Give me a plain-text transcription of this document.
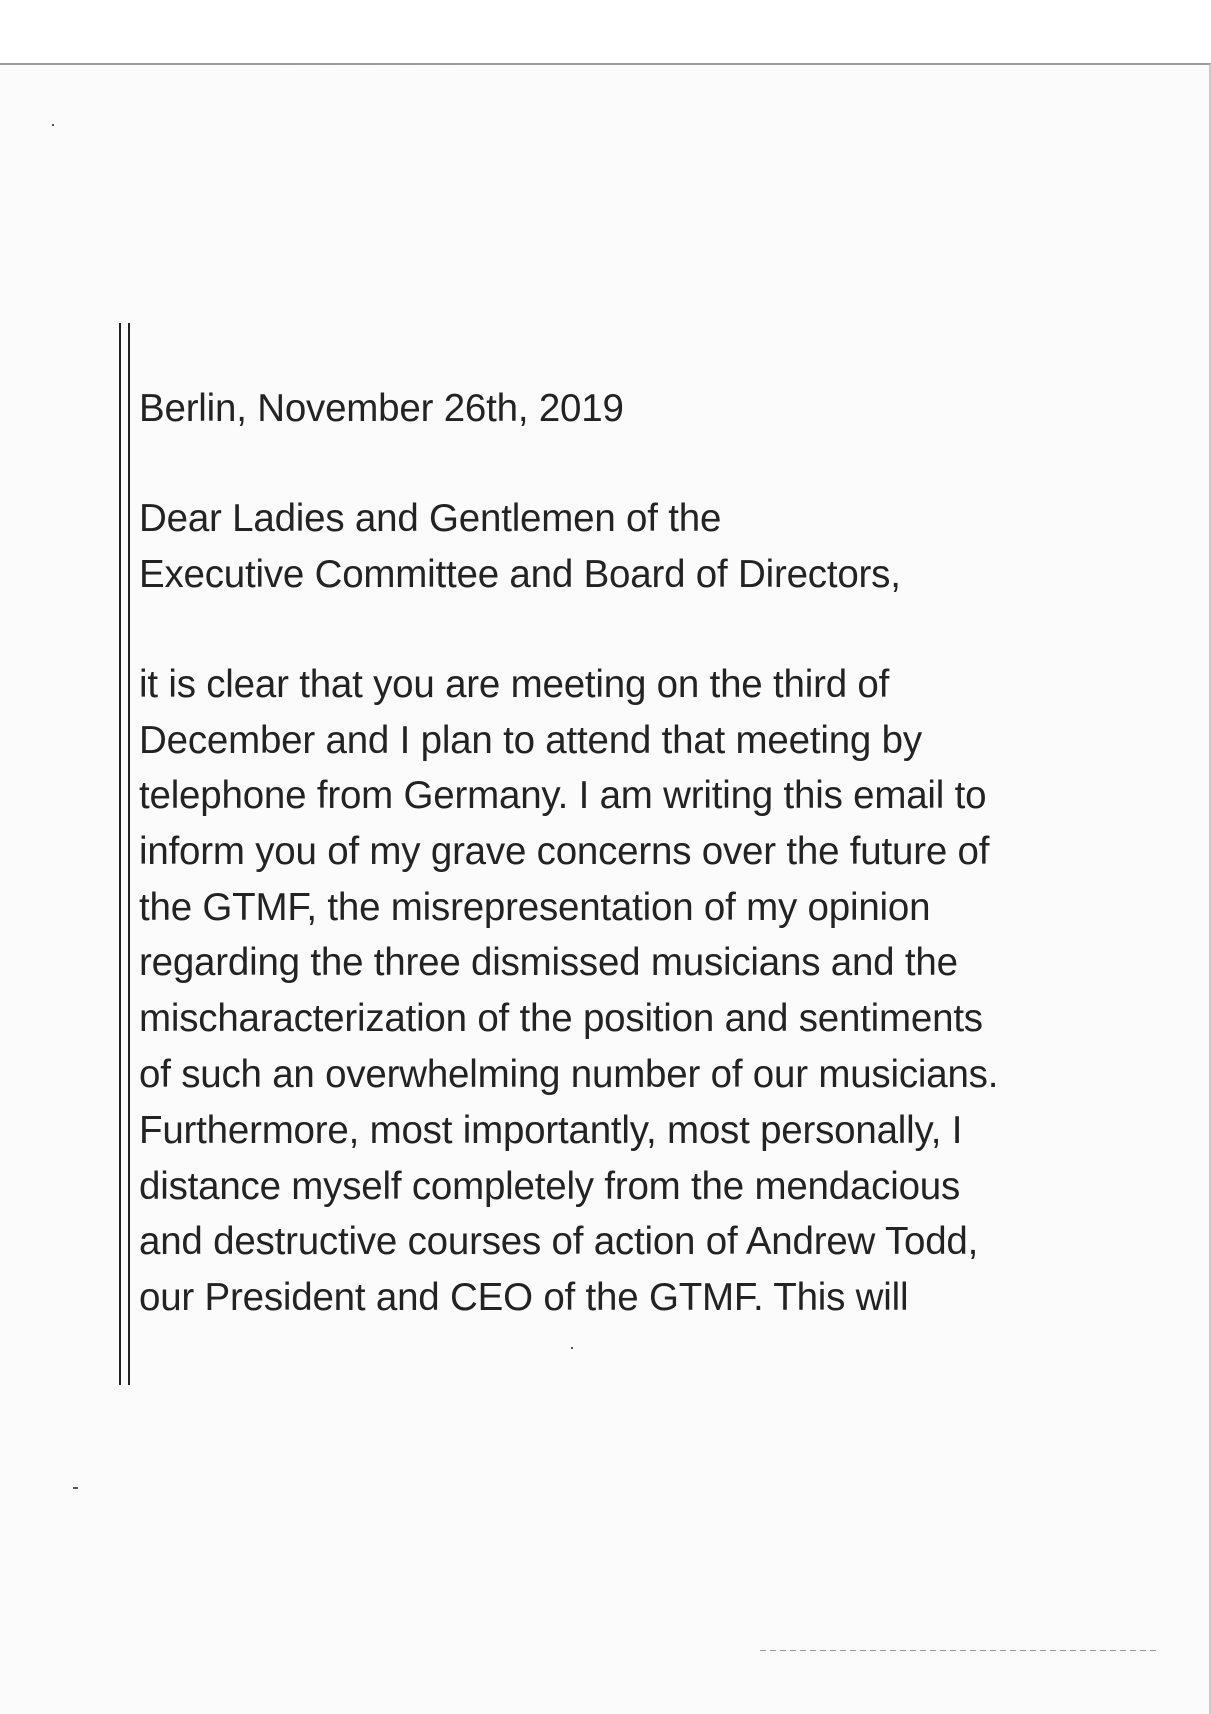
Berlin, November 26th, 2019
Dear Ladies and Gentlemen of the
Executive Committee and Board of Directors,
it is clear that you are meeting on the third of
December and I plan to attend that meeting by
telephone from Germany. I am writing this email to
inform you of my grave concerns over the future of
the GTMF, the misrepresentation of my opinion
regarding the three dismissed musicians and the
mischaracterization of the position and sentiments
of such an overwhelming number of our musicians.
Furthermore, most importantly, most personally, I
distance myself completely from the mendacious
and destructive courses of action of Andrew Todd,
our President and CEO of the GTMF. This will
